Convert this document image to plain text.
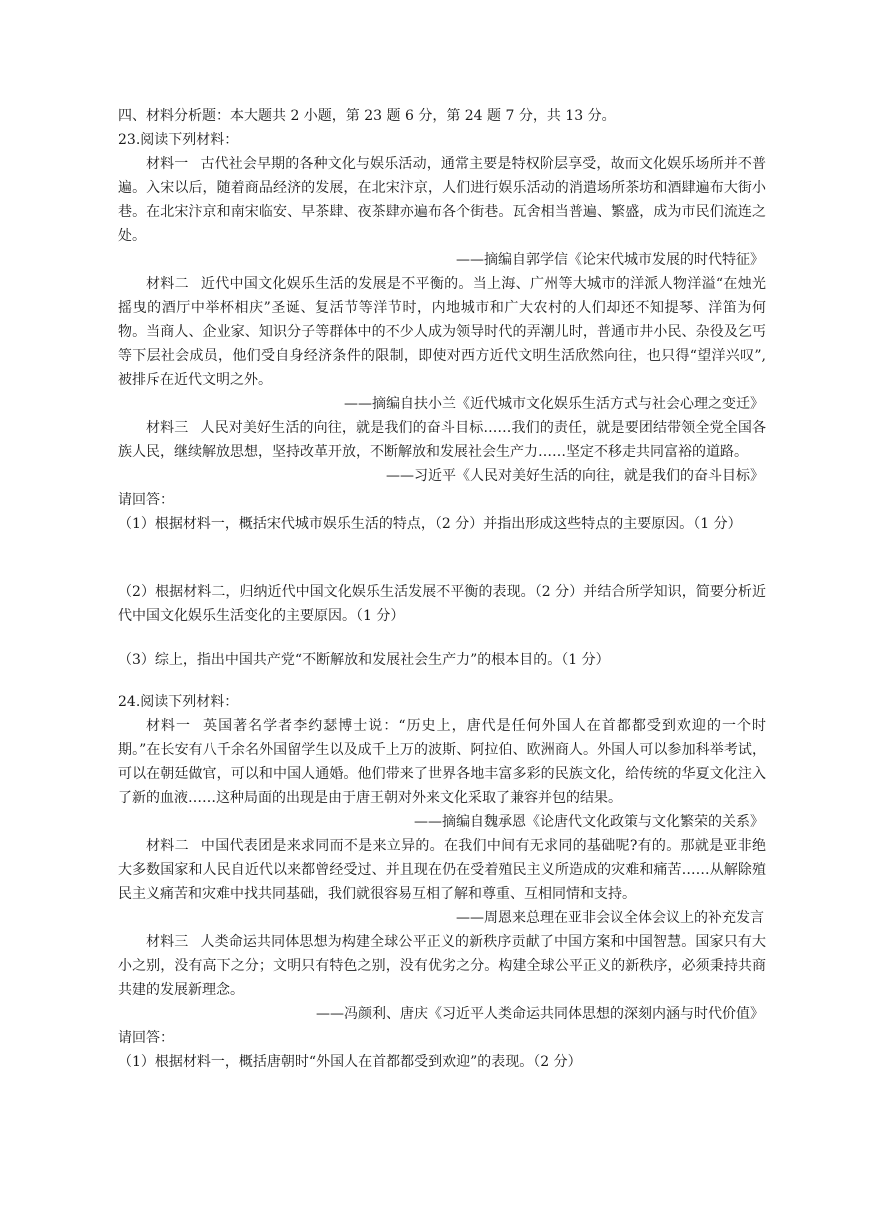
四、材料分析题：本大题共 2 小题，第 23 题 6 分，第 24 题 7 分，共 13 分。
23.阅读下列材料：

材料一 古代社会早期的各种文化与娱乐活动，通常主要是特权阶层享受，故而文化娱乐场所并不普遍。入宋以后，随着商品经济的发展，在北宋汴京，人们进行娱乐活动的消遣场所茶坊和酒肆遍布大街小巷。在北宋汴京和南宋临安、早茶肆、夜茶肆亦遍布各个街巷。瓦舍相当普遍、繁盛，成为市民们流连之处。

——摘编自郭学信《论宋代城市发展的时代特征》

材料二 近代中国文化娱乐生活的发展是不平衡的。当上海、广州等大城市的洋派人物洋溢“在烛光摇曳的酒厅中举杯相庆”圣诞、复活节等洋节时，内地城市和广大农村的人们却还不知提琴、洋笛为何物。当商人、企业家、知识分子等群体中的不少人成为领导时代的弄潮儿时，普通市井小民、杂役及乞丐等下层社会成员，他们受自身经济条件的限制，即使对西方近代文明生活欣然向往，也只得“望洋兴叹”,被排斥在近代文明之外。

——摘编自扶小兰《近代城市文化娱乐生活方式与社会心理之变迁》

材料三 人民对美好生活的向往，就是我们的奋斗目标……我们的责任，就是要团结带领全党全国各族人民，继续解放思想，坚持改革开放，不断解放和发展社会生产力……坚定不移走共同富裕的道路。

——习近平《人民对美好生活的向往，就是我们的奋斗目标》
请回答：

（1）根据材料一，概括宋代城市娱乐生活的特点，（2 分）并指出形成这些特点的主要原因。（1 分）

（2）根据材料二，归纳近代中国文化娱乐生活发展不平衡的表现。（2 分）并结合所学知识，简要分析近代中国文化娱乐生活变化的主要原因。（1 分）

（3）综上，指出中国共产党“不断解放和发展社会生产力”的根本目的。（1 分）

24.阅读下列材料：

材料一 英国著名学者李约瑟博士说：“历史上，唐代是任何外国人在首都都受到欢迎的一个时期。”在长安有八千余名外国留学生以及成千上万的波斯、阿拉伯、欧洲商人。外国人可以参加科举考试，可以在朝廷做官，可以和中国人通婚。他们带来了世界各地丰富多彩的民族文化，给传统的华夏文化注入了新的血液……这种局面的出现是由于唐王朝对外来文化采取了兼容并包的结果。

——摘编自魏承恩《论唐代文化政策与文化繁荣的关系》

材料二 中国代表团是来求同而不是来立异的。在我们中间有无求同的基础呢?有的。那就是亚非绝大多数国家和人民自近代以来都曾经受过、并且现在仍在受着殖民主义所造成的灾难和痛苦……从解除殖民主义痛苦和灾难中找共同基础，我们就很容易互相了解和尊重、互相同情和支持。

——周恩来总理在亚非会议全体会议上的补充发言

材料三 人类命运共同体思想为构建全球公平正义的新秩序贡献了中国方案和中国智慧。国家只有大小之别，没有高下之分；文明只有特色之别，没有优劣之分。构建全球公平正义的新秩序，必须秉持共商共建的发展新理念。

——冯颜利、唐庆《习近平人类命运共同体思想的深刻内涵与时代价值》
请回答：

（1）根据材料一，概括唐朝时“外国人在首都都受到欢迎”的表现。（2 分）
